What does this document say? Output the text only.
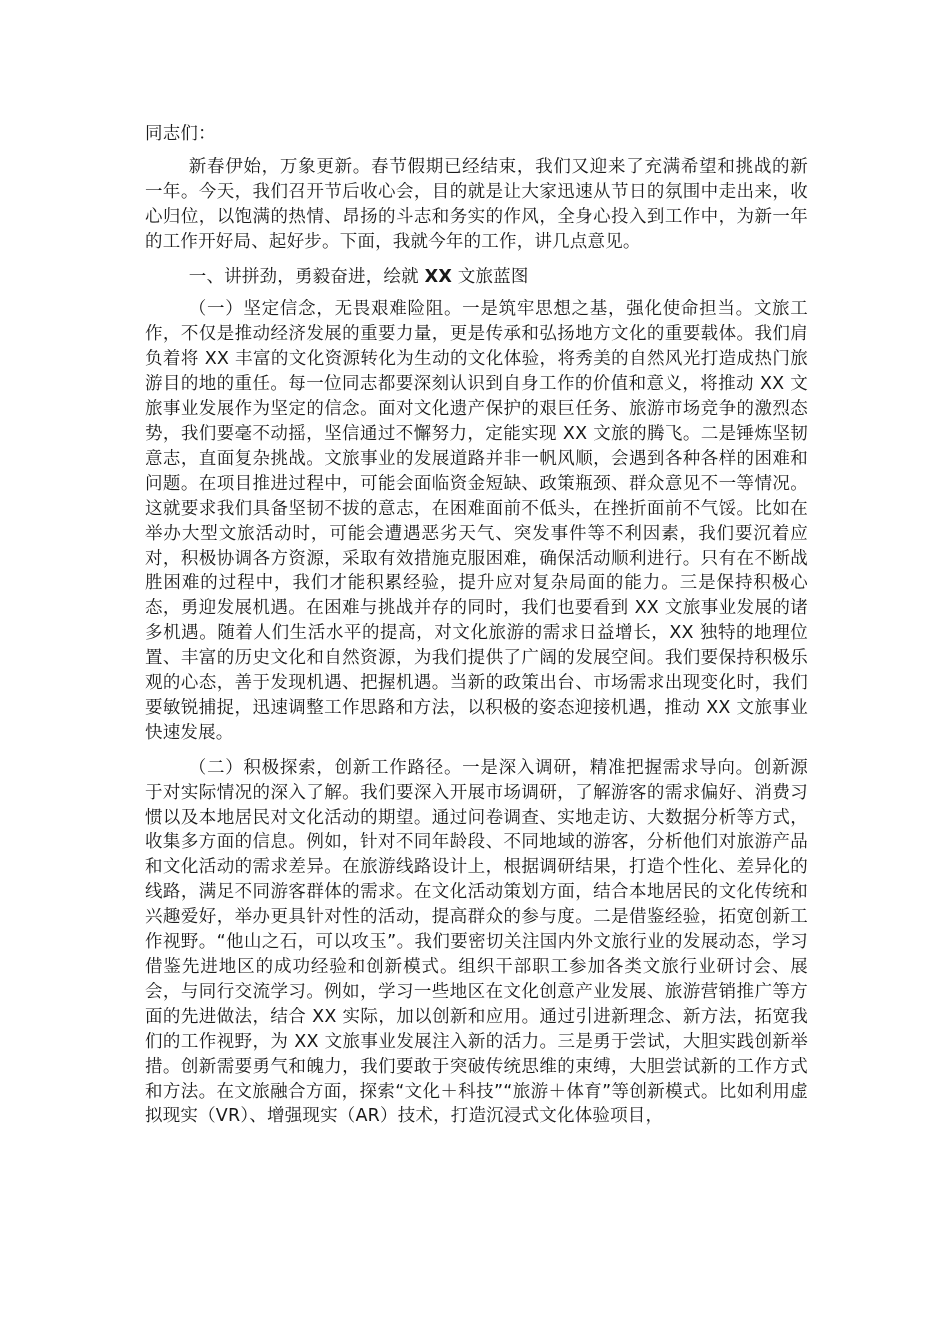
同志们：

新春伊始，万象更新。春节假期已经结束，我们又迎来了充满希望和挑战的新一年。今天，我们召开节后收心会，目的就是让大家迅速从节日的氛围中走出来，收心归位，以饱满的热情、昂扬的斗志和务实的作风，全身心投入到工作中，为新一年的工作开好局、起好步。下面，我就今年的工作，讲几点意见。

一、讲拼劲，勇毅奋进，绘就 XX 文旅蓝图

（一）坚定信念，无畏艰难险阻。一是筑牢思想之基，强化使命担当。文旅工作，不仅是推动经济发展的重要力量，更是传承和弘扬地方文化的重要载体。我们肩负着将 XX 丰富的文化资源转化为生动的文化体验，将秀美的自然风光打造成热门旅游目的地的重任。每一位同志都要深刻认识到自身工作的价值和意义，将推动 XX 文旅事业发展作为坚定的信念。面对文化遗产保护的艰巨任务、旅游市场竞争的激烈态势，我们要毫不动摇，坚信通过不懈努力，定能实现 XX 文旅的腾飞。二是锤炼坚韧意志，直面复杂挑战。文旅事业的发展道路并非一帆风顺，会遇到各种各样的困难和问题。在项目推进过程中，可能会面临资金短缺、政策瓶颈、群众意见不一等情况。这就要求我们具备坚韧不拔的意志，在困难面前不低头，在挫折面前不气馁。比如在举办大型文旅活动时，可能会遭遇恶劣天气、突发事件等不利因素，我们要沉着应对，积极协调各方资源，采取有效措施克服困难，确保活动顺利进行。只有在不断战胜困难的过程中，我们才能积累经验，提升应对复杂局面的能力。三是保持积极心态，勇迎发展机遇。在困难与挑战并存的同时，我们也要看到 XX 文旅事业发展的诸多机遇。随着人们生活水平的提高，对文化旅游的需求日益增长，XX 独特的地理位置、丰富的历史文化和自然资源，为我们提供了广阔的发展空间。我们要保持积极乐观的心态，善于发现机遇、把握机遇。当新的政策出台、市场需求出现变化时，我们要敏锐捕捉，迅速调整工作思路和方法，以积极的姿态迎接机遇，推动 XX 文旅事业快速发展。

（二）积极探索，创新工作路径。一是深入调研，精准把握需求导向。创新源于对实际情况的深入了解。我们要深入开展市场调研，了解游客的需求偏好、消费习惯以及本地居民对文化活动的期望。通过问卷调查、实地走访、大数据分析等方式，收集多方面的信息。例如，针对不同年龄段、不同地域的游客，分析他们对旅游产品和文化活动的需求差异。在旅游线路设计上，根据调研结果，打造个性化、差异化的线路，满足不同游客群体的需求。在文化活动策划方面，结合本地居民的文化传统和兴趣爱好，举办更具针对性的活动，提高群众的参与度。二是借鉴经验，拓宽创新工作视野。“他山之石，可以攻玉”。我们要密切关注国内外文旅行业的发展动态，学习借鉴先进地区的成功经验和创新模式。组织干部职工参加各类文旅行业研讨会、展会，与同行交流学习。例如，学习一些地区在文化创意产业发展、旅游营销推广等方面的先进做法，结合 XX 实际，加以创新和应用。通过引进新理念、新方法，拓宽我们的工作视野，为 XX 文旅事业发展注入新的活力。三是勇于尝试，大胆实践创新举措。创新需要勇气和魄力，我们要敢于突破传统思维的束缚，大胆尝试新的工作方式和方法。在文旅融合方面，探索“文化＋科技”“旅游＋体育”等创新模式。比如利用虚拟现实（VR）、增强现实（AR）技术，打造沉浸式文化体验项目，
